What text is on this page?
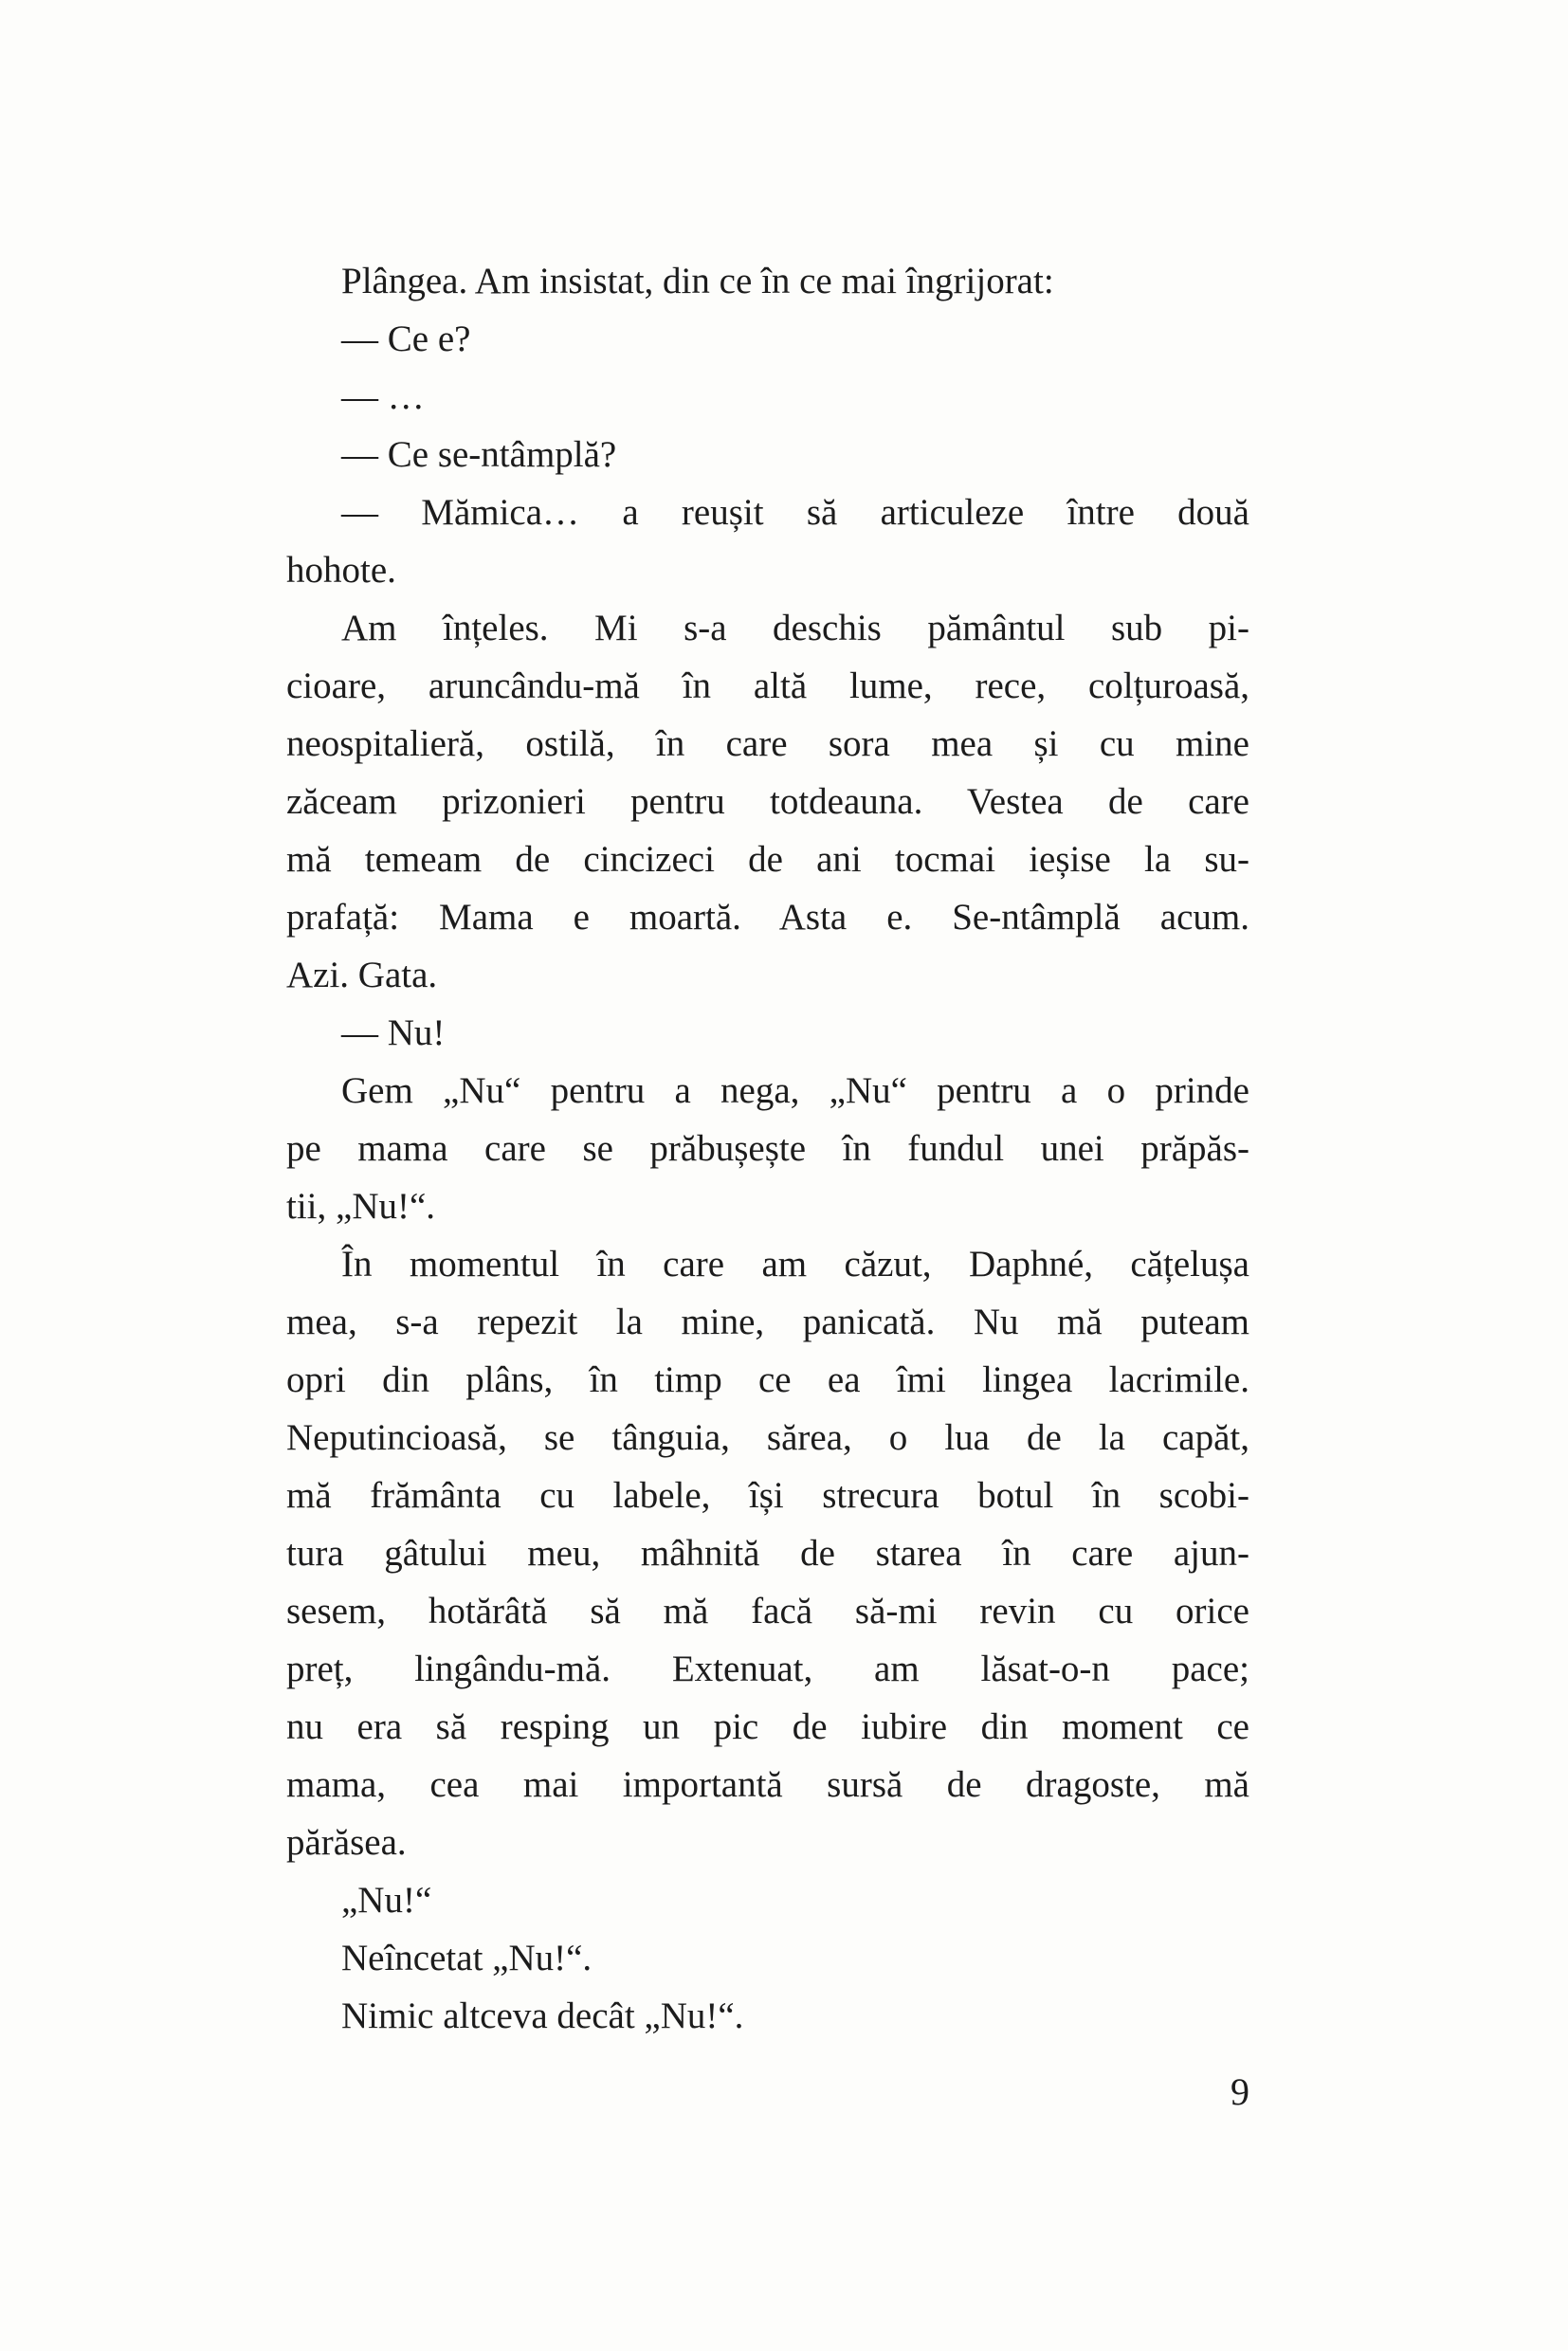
Plângea. Am insistat, din ce în ce mai îngrijorat:
— Ce e?
— …
— Ce se-ntâmplă?
— Mămica… a reușit să articuleze între două
hohote.
Am înțeles. Mi s-a deschis pământul sub pi-
cioare, aruncându-mă în altă lume, rece, colțuroasă,
neospitalieră, ostilă, în care sora mea și cu mine
zăceam prizonieri pentru totdeauna. Vestea de care
mă temeam de cincizeci de ani tocmai ieșise la su-
prafață: Mama e moartă. Asta e. Se-ntâmplă acum.
Azi. Gata.
— Nu!
Gem „Nu“ pentru a nega, „Nu“ pentru a o prinde
pe mama care se prăbușește în fundul unei prăpăs-
tii, „Nu!“.
În momentul în care am căzut, Daphné, cățelușa
mea, s-a repezit la mine, panicată. Nu mă puteam
opri din plâns, în timp ce ea îmi lingea lacrimile.
Neputincioasă, se tânguia, sărea, o lua de la capăt,
mă frământa cu labele, își strecura botul în scobi-
tura gâtului meu, mâhnită de starea în care ajun-
sesem, hotărâtă să mă facă să-mi revin cu orice
preț, lingându-mă. Extenuat, am lăsat-o-n pace;
nu era să resping un pic de iubire din moment ce
mama, cea mai importantă sursă de dragoste, mă
părăsea.
„Nu!“
Neîncetat „Nu!“.
Nimic altceva decât „Nu!“.
9
